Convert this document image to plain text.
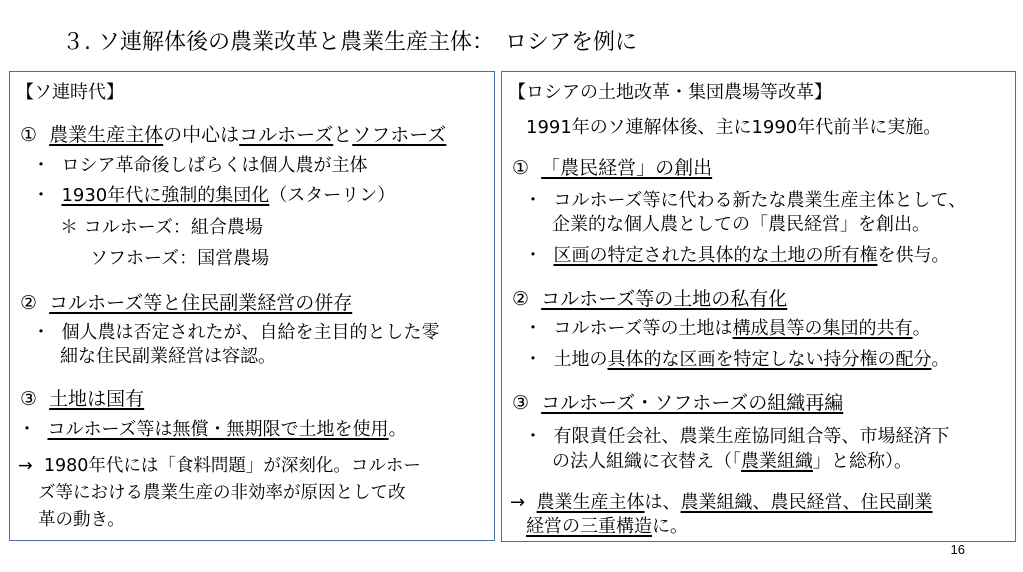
３. ソ連解体後の農業改革と農業生産主体：　ロシアを例に
【ソ連時代】
① 農業生産主体の中心はコルホーズとソフホーズ
・ ロシア革命後しばらくは個人農が主体
・ 1930年代に強制的集団化（スターリン）
＊ コルホーズ：組合農場
ソフホーズ：国営農場
② コルホーズ等と住民副業経営の併存
・ 個人農は否定されたが、自給を主目的とした零
細な住民副業経営は容認。
③ 土地は国有
・ コルホーズ等は無償・無期限で土地を使用。
→ 1980年代には「食料問題」が深刻化。コルホー
ズ等における農業生産の非効率が原因として改
革の動き。
【ロシアの土地改革・集団農場等改革】
1991年のソ連解体後、主に1990年代前半に実施。
① 「農民経営」の創出
・ コルホーズ等に代わる新たな農業生産主体として、
企業的な個人農としての「農民経営」を創出。
・ 区画の特定された具体的な土地の所有権を供与。
② コルホーズ等の土地の私有化
・ コルホーズ等の土地は構成員等の集団的共有。
・ 土地の具体的な区画を特定しない持分権の配分。
③ コルホーズ・ソフホーズの組織再編
・ 有限責任会社、農業生産協同組合等、市場経済下
の法人組織に衣替え（「農業組織」と総称）。
→ 農業生産主体は、農業組織、農民経営、住民副業
経営の三重構造に。
16
